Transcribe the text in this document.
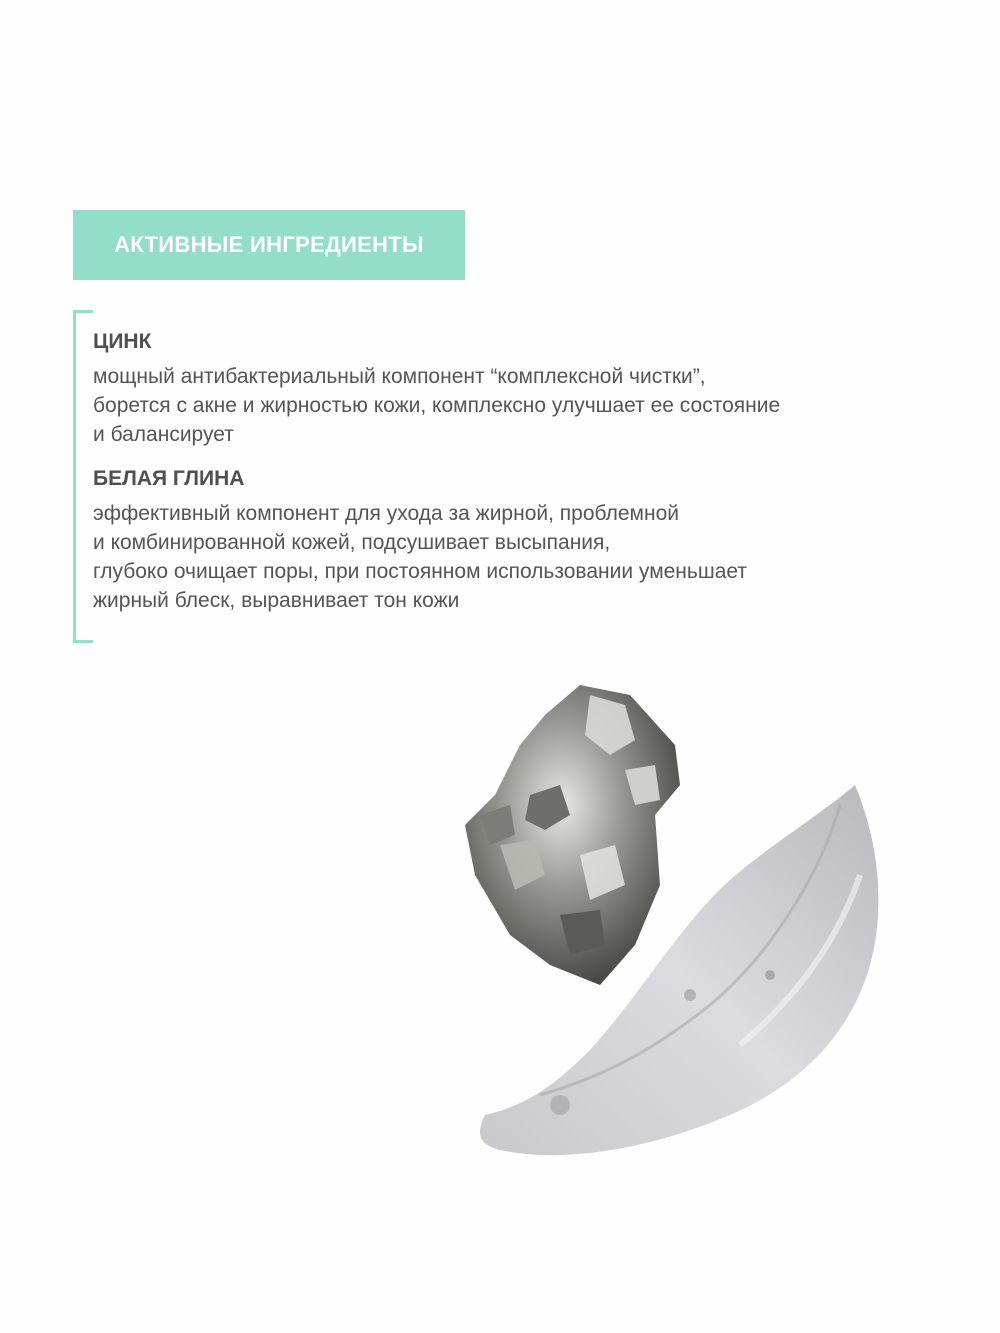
АКТИВНЫЕ ИНГРЕДИЕНТЫ

ЦИНК

мощный антибактериальный компонент “комплексной чистки”,
борется с акне и жирностью кожи, комплексно улучшает ее состояние
и балансирует

БЕЛАЯ ГЛИНА

эффективный компонент для ухода за жирной, проблемной
и комбинированной кожей, подсушивает высыпания,
глубоко очищает поры, при постоянном использовании уменьшает
жирный блеск, выравнивает тон кожи
